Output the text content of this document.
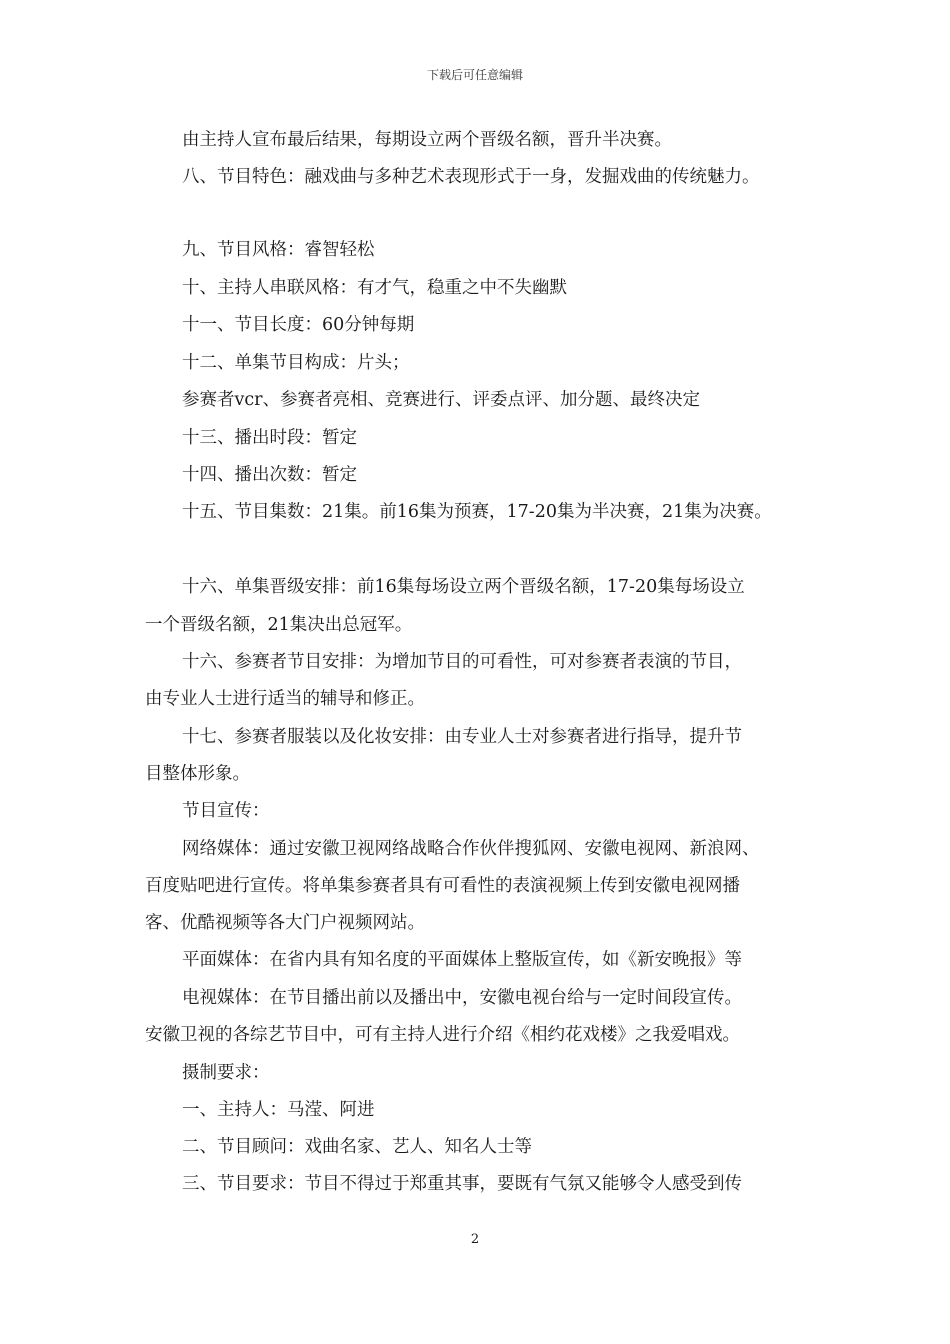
下载后可任意编辑
由主持人宣布最后结果，每期设立两个晋级名额，晋升半决赛。
八、节目特色：融戏曲与多种艺术表现形式于一身，发掘戏曲的传统魅力。
九、节目风格：睿智轻松
十、主持人串联风格：有才气，稳重之中不失幽默
十一、节目长度：60分钟每期
十二、单集节目构成：片头；
参赛者vcr、参赛者亮相、竞赛进行、评委点评、加分题、最终决定
十三、播出时段：暂定
十四、播出次数：暂定
十五、节目集数：21集。前16集为预赛，17-20集为半决赛，21集为决赛。
十六、单集晋级安排：前16集每场设立两个晋级名额，17-20集每场设立
一个晋级名额，21集决出总冠军。
十六、参赛者节目安排：为增加节目的可看性，可对参赛者表演的节目，
由专业人士进行适当的辅导和修正。
十七、参赛者服装以及化妆安排：由专业人士对参赛者进行指导，提升节
目整体形象。
节目宣传：
网络媒体：通过安徽卫视网络战略合作伙伴搜狐网、安徽电视网、新浪网、
百度贴吧进行宣传。将单集参赛者具有可看性的表演视频上传到安徽电视网播
客、优酷视频等各大门户视频网站。
平面媒体：在省内具有知名度的平面媒体上整版宣传，如《新安晚报》等
电视媒体：在节目播出前以及播出中，安徽电视台给与一定时间段宣传。
安徽卫视的各综艺节目中，可有主持人进行介绍《相约花戏楼》之我爱唱戏。
摄制要求：
一、主持人：马滢、阿进
二、节目顾问：戏曲名家、艺人、知名人士等
三、节目要求：节目不得过于郑重其事，要既有气氛又能够令人感受到传
2
